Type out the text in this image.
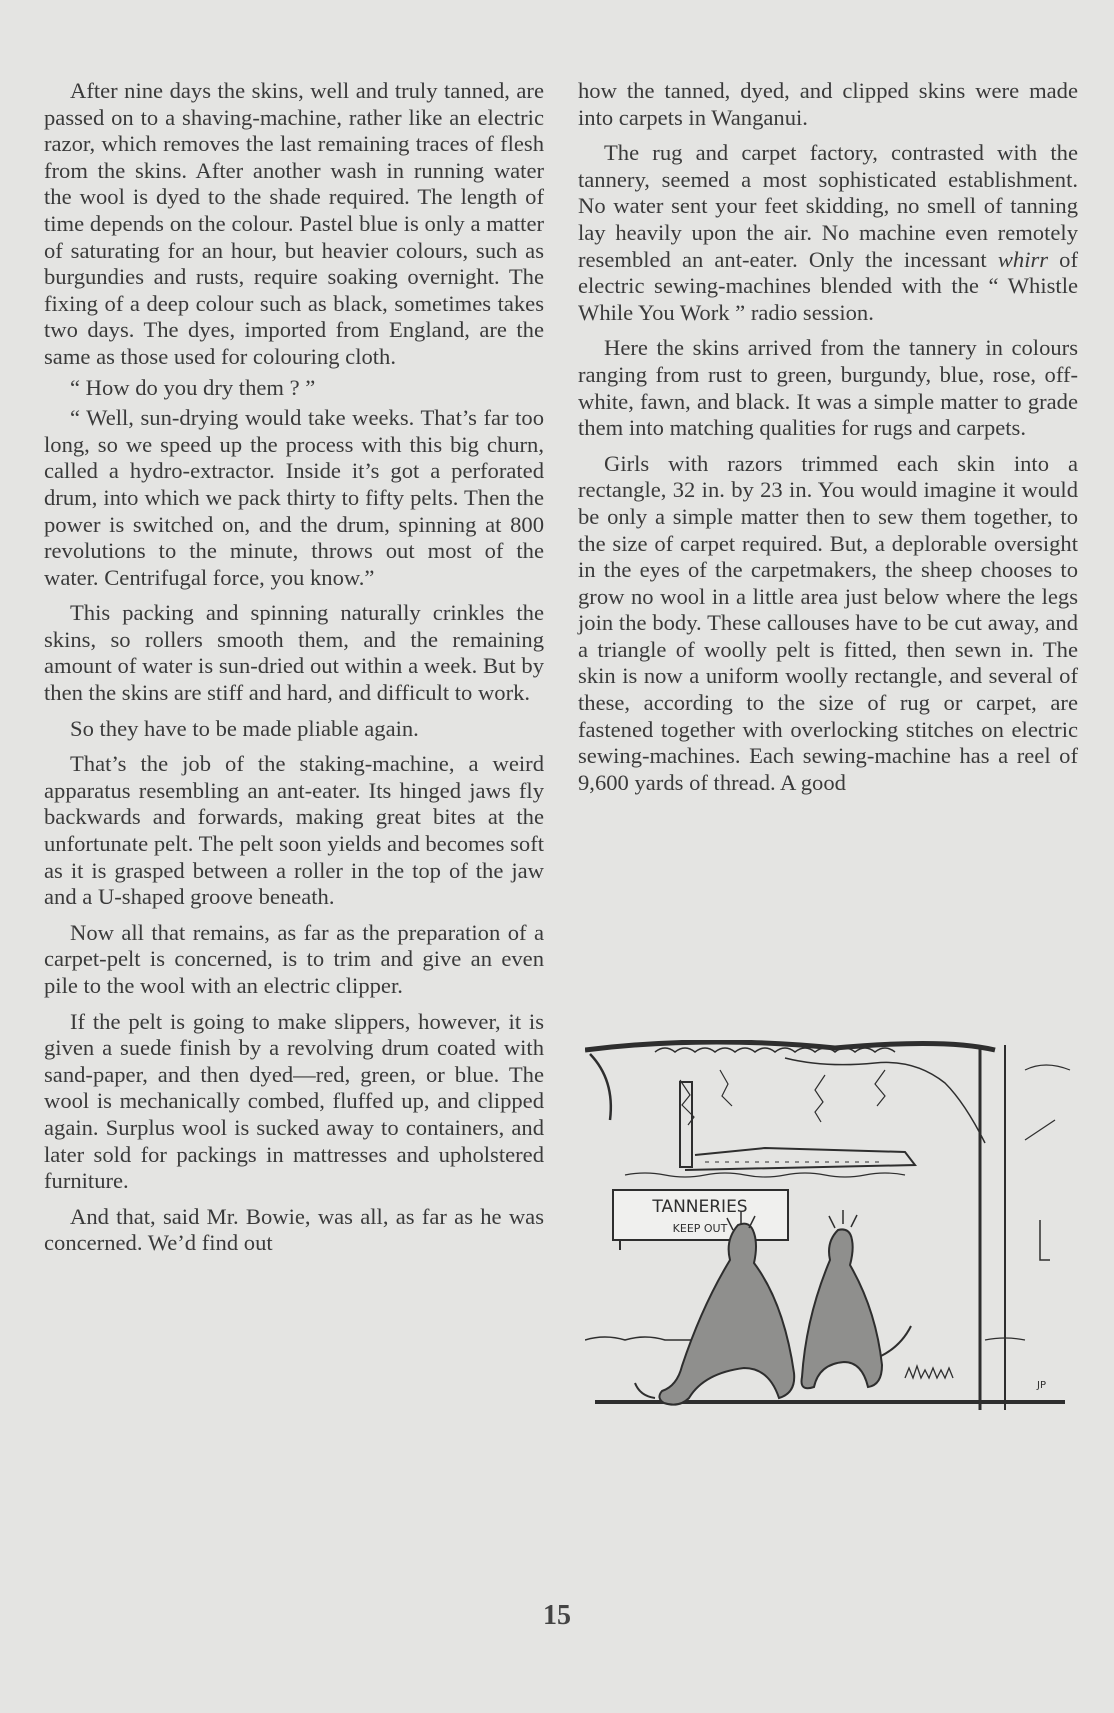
After nine days the skins, well and truly tanned, are passed on to a shaving-machine, rather like an electric razor, which removes the last remaining traces of flesh from the skins. After another wash in running water the wool is dyed to the shade required. The length of time depends on the colour. Pastel blue is only a matter of saturating for an hour, but heavier colours, such as burgundies and rusts, require soaking overnight. The fixing of a deep colour such as black, sometimes takes two days. The dyes, imported from England, are the same as those used for colouring cloth.

“ How do you dry them ? ”

“ Well, sun-drying would take weeks. That’s far too long, so we speed up the process with this big churn, called a hydro-extractor. Inside it’s got a perforated drum, into which we pack thirty to fifty pelts. Then the power is switched on, and the drum, spinning at 800 revolutions to the minute, throws out most of the water. Centrifugal force, you know.”

This packing and spinning naturally crinkles the skins, so rollers smooth them, and the remaining amount of water is sun-dried out within a week. But by then the skins are stiff and hard, and difficult to work.

So they have to be made pliable again.

That’s the job of the staking-machine, a weird apparatus resembling an ant-eater. Its hinged jaws fly backwards and forwards, making great bites at the unfortunate pelt. The pelt soon yields and becomes soft as it is grasped between a roller in the top of the jaw and a U-shaped groove beneath.

Now all that remains, as far as the preparation of a carpet-pelt is concerned, is to trim and give an even pile to the wool with an electric clipper.

If the pelt is going to make slippers, however, it is given a suede finish by a revolving drum coated with sand-paper, and then dyed—red, green, or blue. The wool is mechanically combed, fluffed up, and clipped again. Surplus wool is sucked away to containers, and later sold for packings in mattresses and upholstered furniture.

And that, said Mr. Bowie, was all, as far as he was concerned. We’d find out

how the tanned, dyed, and clipped skins were made into carpets in Wanganui.

The rug and carpet factory, contrasted with the tannery, seemed a most sophisticated establishment. No water sent your feet skidding, no smell of tanning lay heavily upon the air. No machine even remotely resembled an ant-eater. Only the incessant whirr of electric sewing-machines blended with the “ Whistle While You Work ” radio session.

Here the skins arrived from the tannery in colours ranging from rust to green, burgundy, blue, rose, off-white, fawn, and black. It was a simple matter to grade them into matching qualities for rugs and carpets.

Girls with razors trimmed each skin into a rectangle, 32 in. by 23 in. You would imagine it would be only a simple matter then to sew them together, to the size of carpet required. But, a deplorable oversight in the eyes of the carpetmakers, the sheep chooses to grow no wool in a little area just below where the legs join the body. These callouses have to be cut away, and a triangle of woolly pelt is fitted, then sewn in. The skin is now a uniform woolly rectangle, and several of these, according to the size of rug or carpet, are fastened together with overlocking stitches on electric sewing-machines. Each sewing-machine has a reel of 9,600 yards of thread. A good

TANNERIES
KEEP OUT
JP
15
